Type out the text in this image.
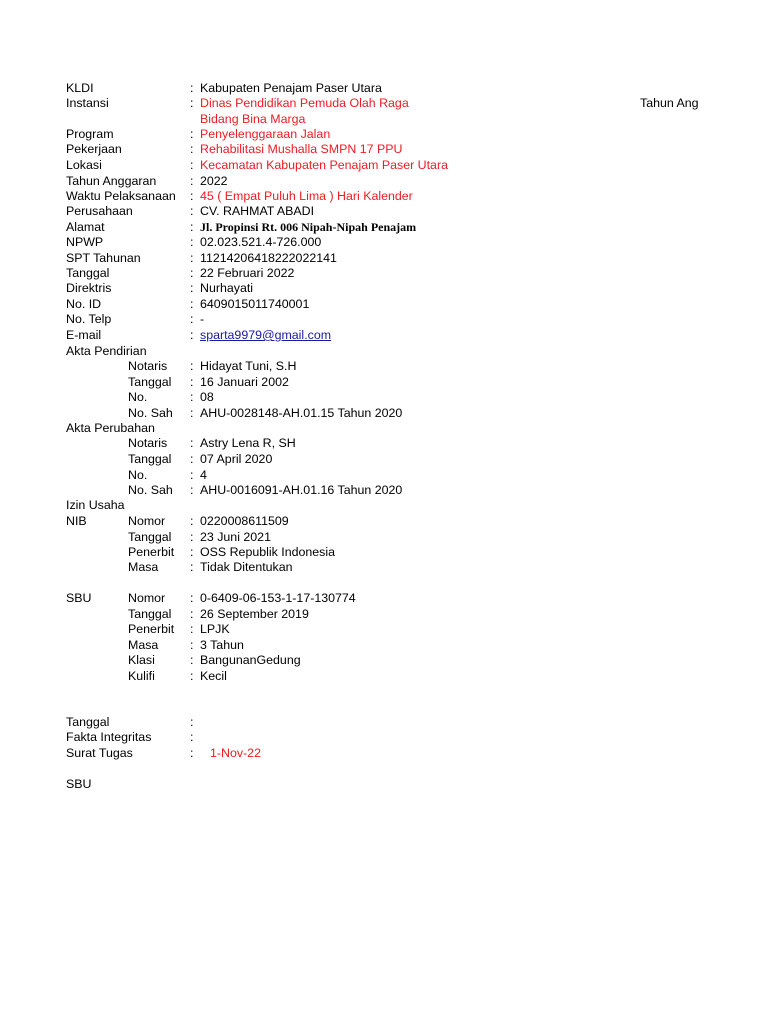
KLDI	: Kabupaten Penajam Paser Utara
Instansi	: Dinas Pendidikan Pemuda Olah Raga	Tahun Ang
Bidang Bina Marga
Program	: Penyelenggaraan Jalan
Pekerjaan	: Rehabilitasi Mushalla SMPN 17 PPU
Lokasi	: Kecamatan Kabupaten Penajam Paser Utara
Tahun Anggaran	: 2022
Waktu Pelaksanaan : 45 ( Empat Puluh Lima ) Hari Kalender
Perusahaan	: CV. RAHMAT ABADI
Alamat	: Jl. Propinsi Rt. 006 Nipah-Nipah Penajam
NPWP	: 02.023.521.4-726.000
SPT Tahunan	: 11214206418222022141
Tanggal	: 22 Februari 2022
Direktris	: Nurhayati
No. ID	: 6409015011740001
No. Telp	: -
E-mail	: sparta9979@gmail.com
Akta Pendirian
Notaris : Hidayat Tuni, S.H
Tanggal : 16 Januari 2002
No.	: 08
No. Sah : AHU-0028148-AH.01.15 Tahun 2020
Akta Perubahan
Notaris : Astry Lena R, SH
Tanggal : 07 April 2020
No.	: 4
No. Sah : AHU-0016091-AH.01.16 Tahun 2020
Izin Usaha
NIB	Nomor : 0220008611509
Tanggal : 23 Juni 2021
Penerbit : OSS Republik Indonesia
Masa	: Tidak Ditentukan
SBU	Nomor : 0-6409-06-153-1-17-130774
Tanggal : 26 September 2019
Penerbit : LPJK
Masa	: 3 Tahun
Klasi	: BangunanGedung
Kulifi	: Kecil
Tanggal	:
Fakta Integritas	:
Surat Tugas	: 1-Nov-22
SBU
